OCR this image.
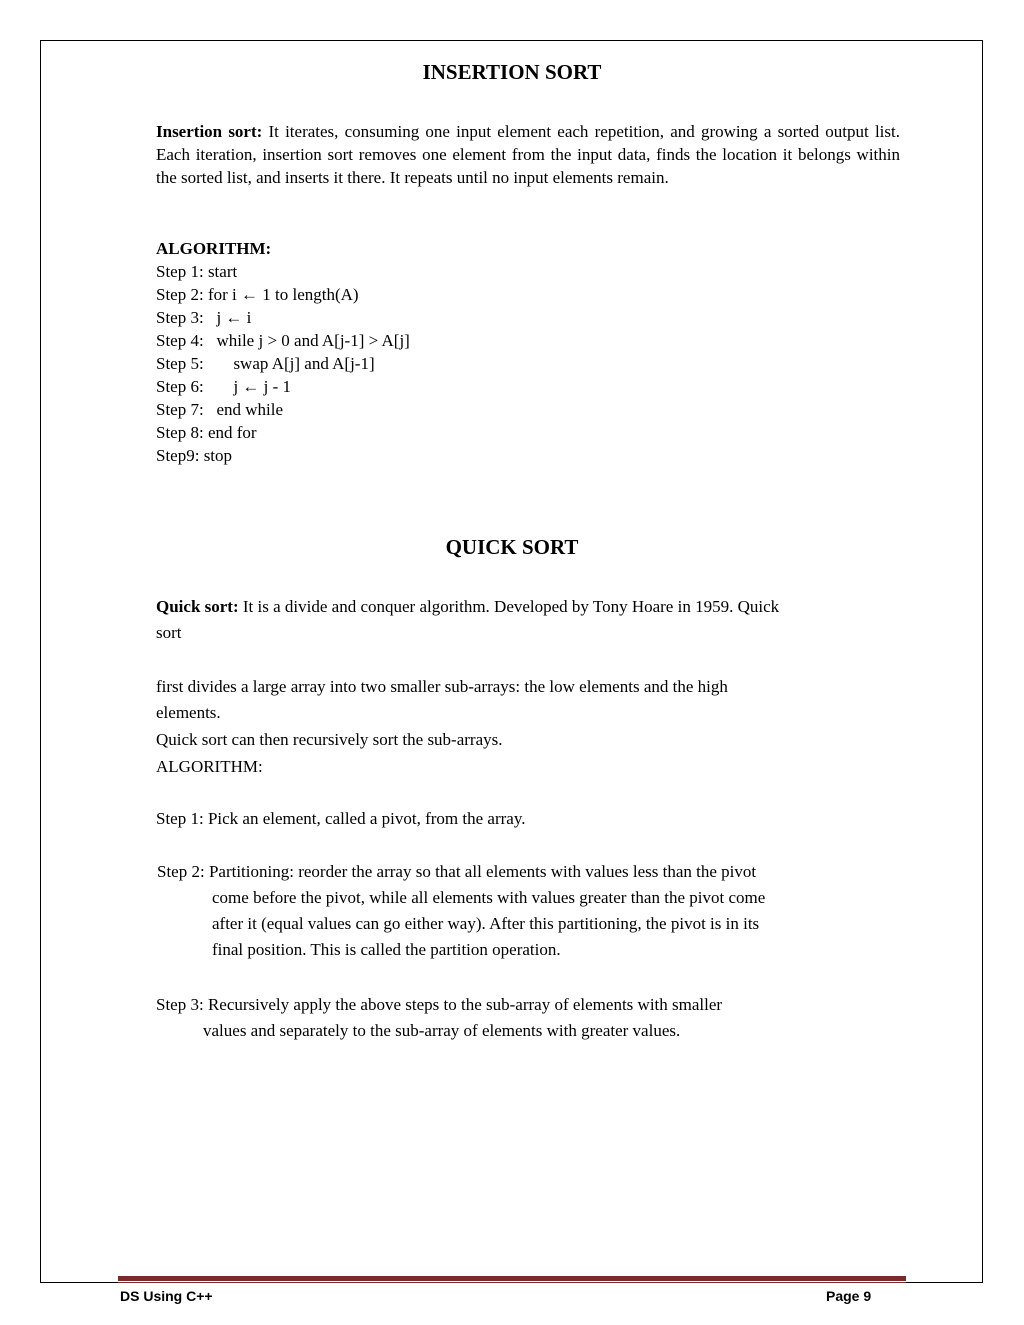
INSERTION SORT

Insertion sort: It iterates, consuming one input element each repetition, and growing a sorted output list. Each iteration, insertion sort removes one element from the input data, finds the location it belongs within the sorted list, and inserts it there. It repeats until no input elements remain.

ALGORITHM:

Step 1: start

Step 2: for i ← 1 to length(A)

Step 3:   j ← i

Step 4:   while j > 0 and A[j-1] > A[j]

Step 5:       swap A[j] and A[j-1]

Step 6:       j ← j - 1

Step 7:   end while

Step 8: end for

Step9: stop

QUICK SORT

Quick sort: It is a divide and conquer algorithm. Developed by Tony Hoare in 1959. Quick

sort

first divides a large array into two smaller sub-arrays: the low elements and the high

elements.

Quick sort can then recursively sort the sub-arrays.

ALGORITHM:

Step 1: Pick an element, called a pivot, from the array.

Step 2: Partitioning: reorder the array so that all elements with values less than the pivot
come before the pivot, while all elements with values greater than the pivot come
after it (equal values can go either way). After this partitioning, the pivot is in its
final position. This is called the partition operation.
Step 3: Recursively apply the above steps to the sub-array of elements with smaller
values and separately to the sub-array of elements with greater values.
DS Using C++	Page 9
